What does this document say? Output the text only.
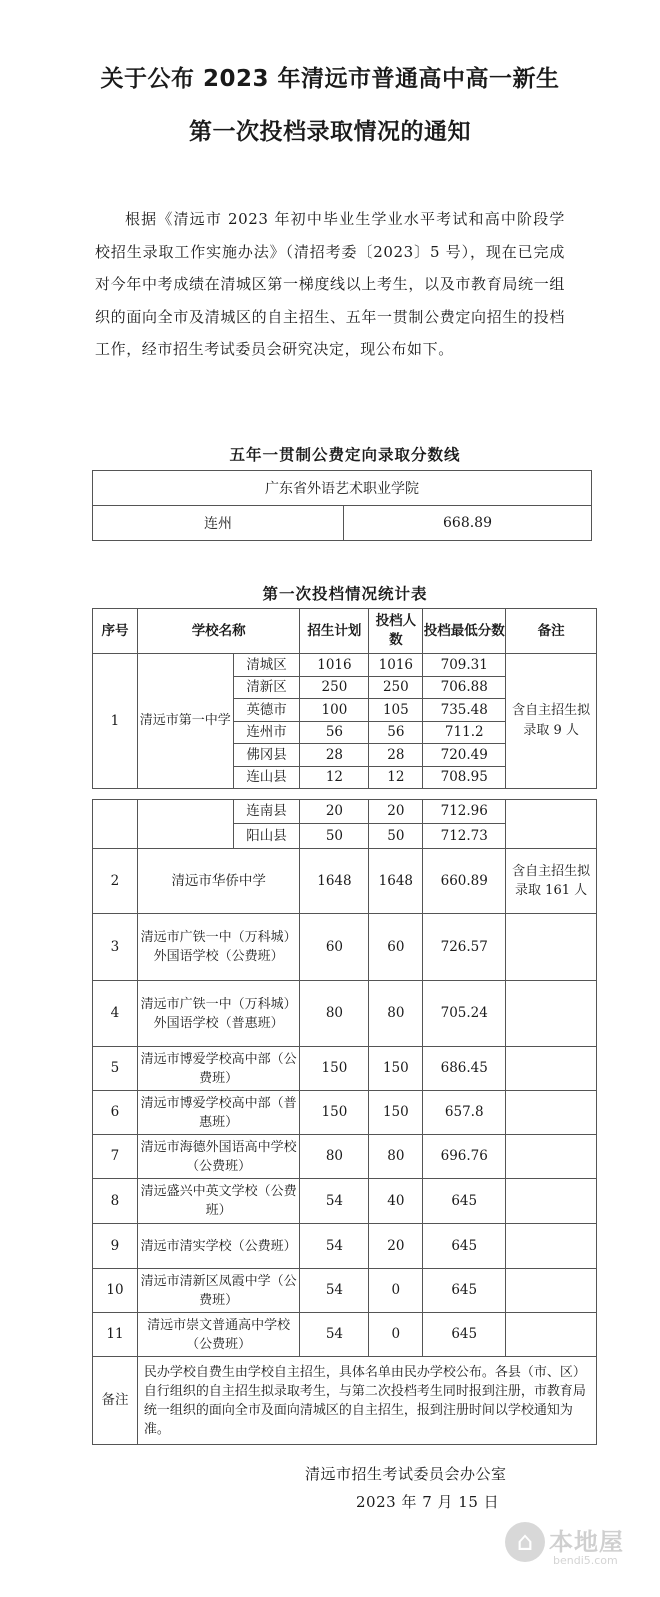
关于公布 2023 年清远市普通高中高一新生
第一次投档录取情况的通知

根据《清远市 2023 年初中毕业生学业水平考试和高中阶段学校招生录取工作实施办法》（清招考委〔2023〕5 号），现在已完成对今年中考成绩在清城区第一梯度线以上考生，以及市教育局统一组织的面向全市及清城区的自主招生、五年一贯制公费定向招生的投档工作，经市招生考试委员会研究决定，现公布如下。

五年一贯制公费定向录取分数线
广东省外语艺术职业学院
连州	668.89
第一次投档情况统计表
序号	学校名称		招生计划	投档人数	投档最低分数	备注
1	清远市第一中学	清城区	1016	1016	709.31	含自主招生拟录取 9 人
		清新区	250	250	706.88	
		英德市	100	105	735.48	
		连州市	56	56	711.2	
		佛冈县	28	28	720.49	
		连山县	12	12	708.95	
		连南县	20	20	712.96	
		阳山县	50	50	712.73	
2	清远市华侨中学		1648	1648	660.89	含自主招生拟录取 161 人
3	清远市广铁一中（万科城）外国语学校（公费班）		60	60	726.57	
4	清远市广铁一中（万科城）外国语学校（普惠班）		80	80	705.24	
5	清远市博爱学校高中部（公费班）		150	150	686.45	
6	清远市博爱学校高中部（普惠班）		150	150	657.8	
7	清远市海德外国语高中学校（公费班）		80	80	696.76	
8	清远盛兴中英文学校（公费班）		54	40	645	
9	清远市清实学校（公费班）		54	20	645	
10	清远市清新区凤霞中学（公费班）		54	0	645	
11	清远市崇文普通高中学校（公费班）		54	0	645	
备注	民办学校自费生由学校自主招生，具体名单由民办学校公布。各县（市、区）自行组织的自主招生拟录取考生，与第二次投档考生同时报到注册，市教育局统一组织的面向全市及面向清城区的自主招生，报到注册时间以学校通知为准。					
清远市招生考试委员会办公室
2023 年 7 月 15 日
⌂ 本地屋
bendi5.com
